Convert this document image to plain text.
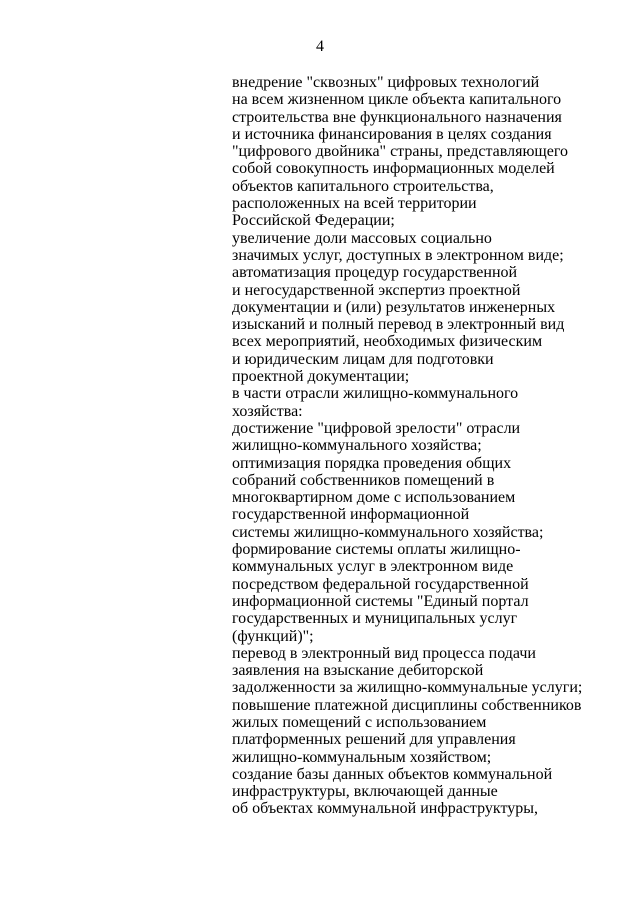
4
внедрение "сквозных" цифровых технологий
на всем жизненном цикле объекта капитального
строительства вне функционального назначения
и источника финансирования в целях создания
"цифрового двойника" страны, представляющего
собой совокупность информационных моделей
объектов капитального строительства,
расположенных на всей территории
Российской Федерации;
увеличение доли массовых социально
значимых услуг, доступных в электронном виде;
автоматизация процедур государственной
и негосударственной экспертиз проектной
документации и (или) результатов инженерных
изысканий и полный перевод в электронный вид
всех мероприятий, необходимых физическим
и юридическим лицам для подготовки
проектной документации;
в части отрасли жилищно-коммунального
хозяйства:
достижение "цифровой зрелости" отрасли
жилищно-коммунального хозяйства;
оптимизация порядка проведения общих
собраний собственников помещений в
многоквартирном доме с использованием
государственной информационной
системы жилищно-коммунального хозяйства;
формирование системы оплаты жилищно-
коммунальных услуг в электронном виде
посредством федеральной государственной
информационной системы "Единый портал
государственных и муниципальных услуг
(функций)";
перевод в электронный вид процесса подачи
заявления на взыскание дебиторской
задолженности за жилищно-коммунальные услуги;
повышение платежной дисциплины собственников
жилых помещений с использованием
платформенных решений для управления
жилищно-коммунальным хозяйством;
создание базы данных объектов коммунальной
инфраструктуры, включающей данные
об объектах коммунальной инфраструктуры,
